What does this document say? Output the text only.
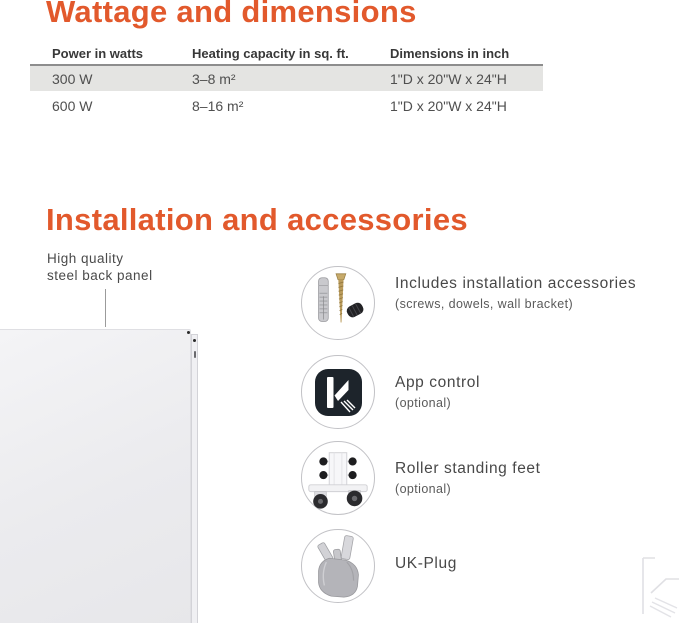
Wattage and dimensions
Power in watts	Heating capacity in sq. ft.	Dimensions in inch
300 W	3–8 m²	1"D x 20"W x 24"H
600 W	8–16 m²	1"D x 20"W x 24"H
Installation and accessories
High quality
steel back panel	Includes installation accessories
(screws, dowels, wall bracket)
App control
(optional)
Roller standing feet
(optional)
UK-Plug
